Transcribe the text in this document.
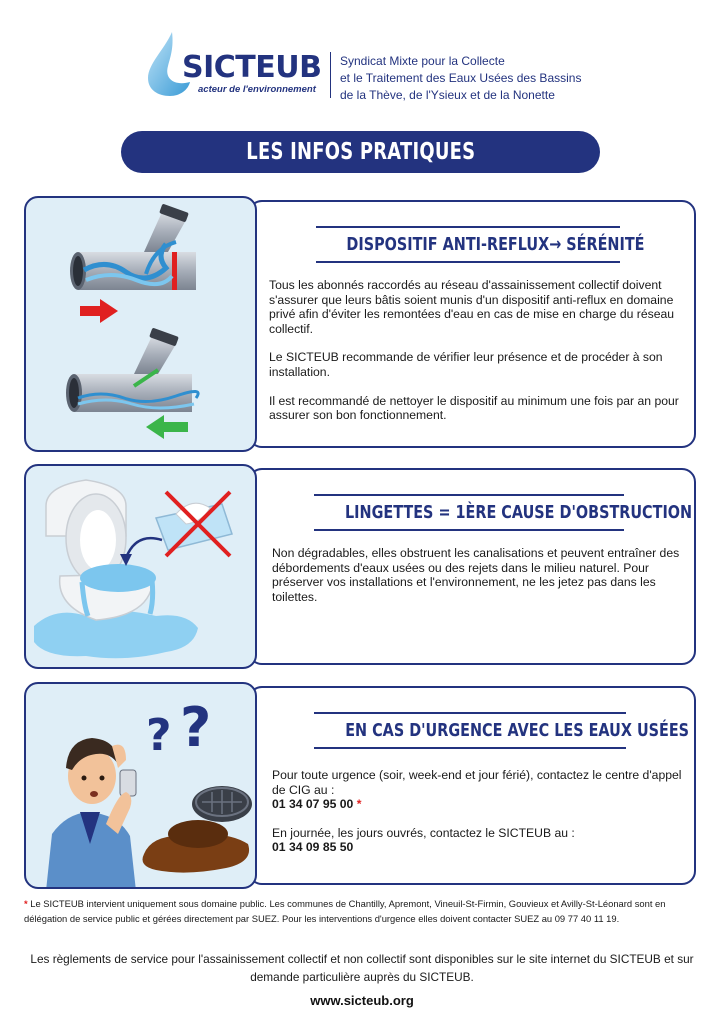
SICTEUB
acteur de l'environnement
Syndicat Mixte pour la Collecte
et le Traitement des Eaux Usées des Bassins
de la Thève, de l'Ysieux et de la Nonette
LES INFOS PRATIQUES
DISPOSITIF ANTI-REFLUX→ SÉRÉNITÉ

Tous les abonnés raccordés au réseau d'assainissement collectif doivent s'assurer que leurs bâtis soient munis d'un dispositif anti-reflux en domaine privé afin d'éviter les remontées d'eau en cas de mise en charge du réseau collectif.

Le SICTEUB recommande de vérifier leur présence et de procéder à son installation.

Il est recommandé de nettoyer le dispositif au minimum une fois par an pour assurer son bon fonctionnement.

LINGETTES = 1ÈRE CAUSE D'OBSTRUCTION

Non dégradables, elles obstruent les canalisations et peuvent entraîner des débordements d'eaux usées ou des rejets dans le milieu naturel. Pour préserver vos installations et l'environnement, ne les jetez pas dans les toilettes.

? ?	EN CAS D'URGENCE AVEC LES EAUX USÉES

Pour toute urgence (soir, week-end et jour férié), contactez le centre d'appel de CIG au :

01 34 07 95 00 *

En journée, les jours ouvrés, contactez le SICTEUB au :

01 34 09 85 50

* Le SICTEUB intervient uniquement sous domaine public. Les communes de Chantilly, Apremont, Vineuil-St-Firmin, Gouvieux et Avilly-St-Léonard sont en délégation de service public et gérées directement par SUEZ. Pour les interventions d'urgence elles doivent contacter SUEZ au 09 77 40 11 19.
Les règlements de service pour l'assainissement collectif et non collectif sont disponibles sur le site internet du SICTEUB et sur demande particulière auprès du SICTEUB.
www.sicteub.org
